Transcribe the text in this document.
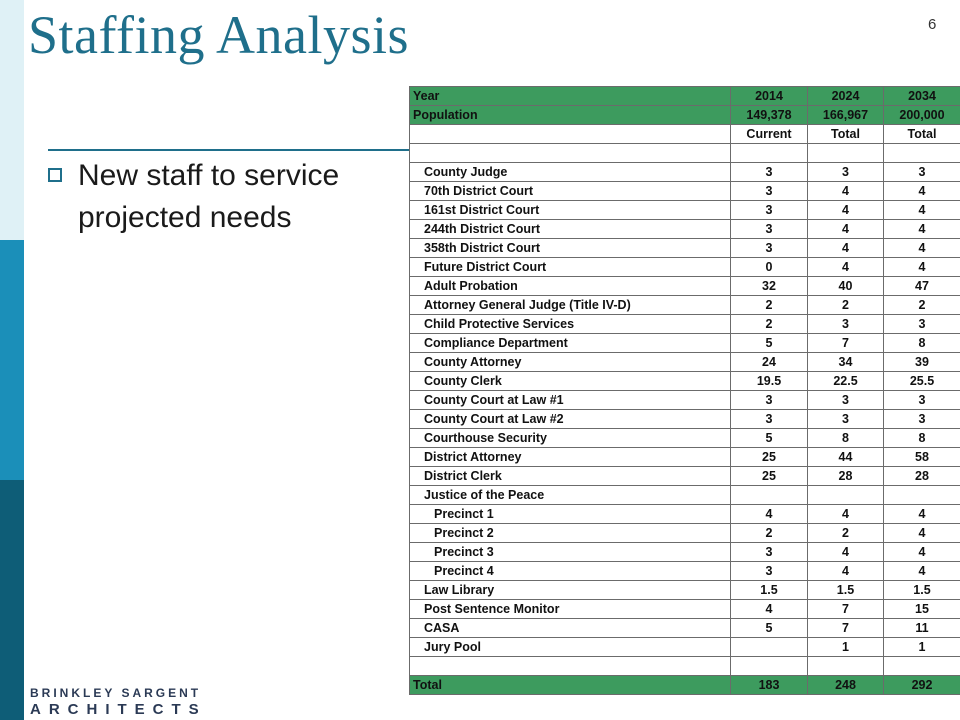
Staffing Analysis	6
New staff to service projected needs
BRINKLEY SARGENT
ARCHITECTS
Year	2014	2024	2034
Population	149,378	166,967	200,000
	Current	Total	Total

County Judge	3	3	3
70th District Court	3	4	4
161st District Court	3	4	4
244th District Court	3	4	4
358th District Court	3	4	4
Future District Court	0	4	4
Adult Probation	32	40	47
Attorney General Judge (Title IV-D)	2	2	2
Child Protective Services	2	3	3
Compliance Department	5	7	8
County Attorney	24	34	39
County Clerk	19.5	22.5	25.5
County Court at Law #1	3	3	3
County Court at Law #2	3	3	3
Courthouse Security	5	8	8
District Attorney	25	44	58
District Clerk	25	28	28
Justice of the Peace			
Precinct 1	4	4	4
Precinct 2	2	2	4
Precinct 3	3	4	4
Precinct 4	3	4	4
Law Library	1.5	1.5	1.5
Post Sentence Monitor	4	7	15
CASA	5	7	11
Jury Pool		1	1

Total	183	248	292
